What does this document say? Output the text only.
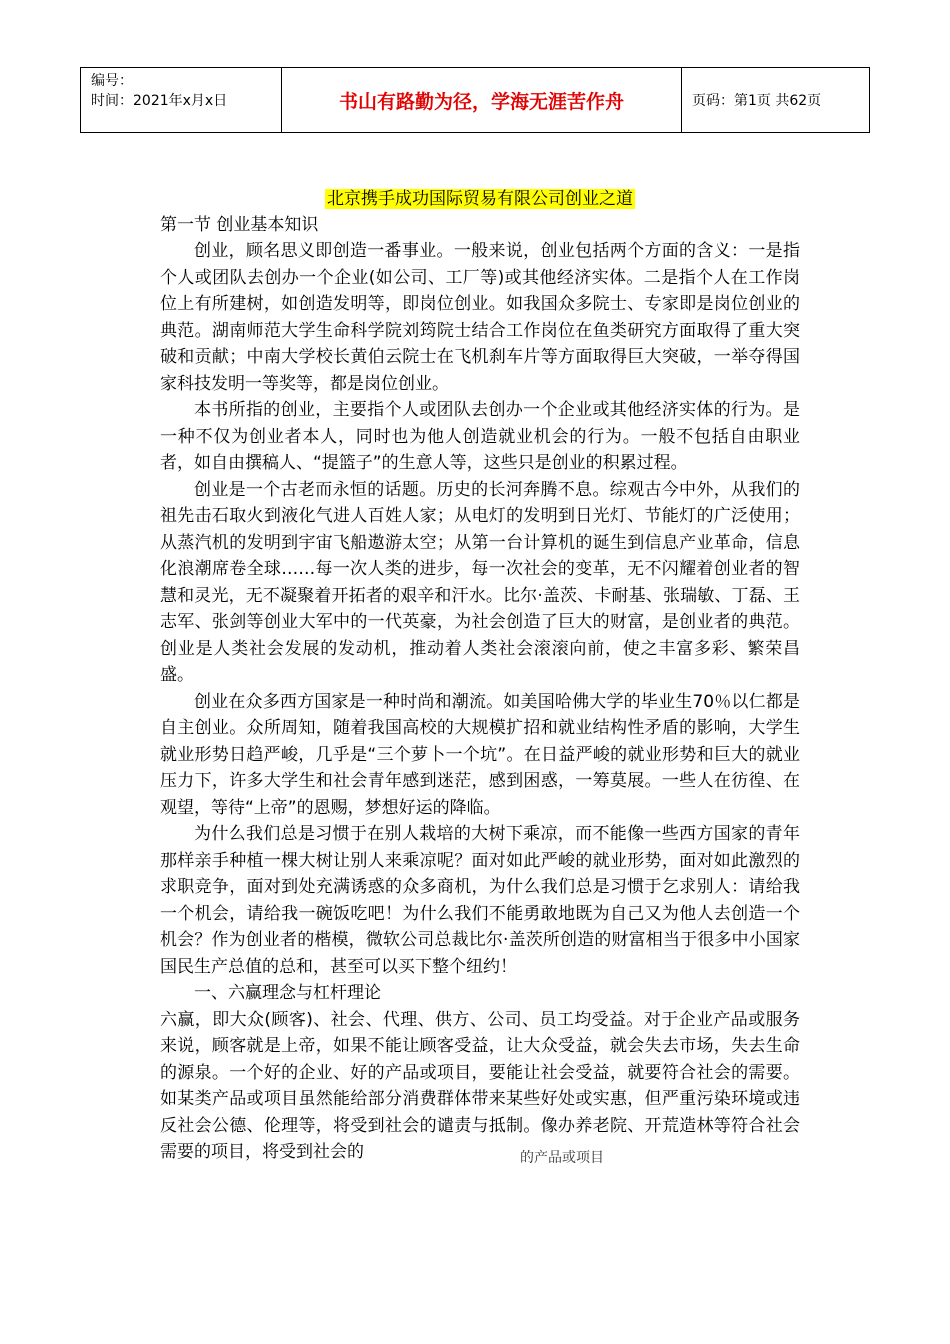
编号：
时间：2021年x月x日	书山有路勤为径，学海无涯苦作舟	页码：第1页 共62页
北京携手成功国际贸易有限公司创业之道
第一节 创业基本知识

创业，顾名思义即创造一番事业。一般来说，创业包括两个方面的含义：一是指个人或团队去创办一个企业(如公司、工厂等)或其他经济实体。二是指个人在工作岗位上有所建树，如创造发明等，即岗位创业。如我国众多院士、专家即是岗位创业的典范。湖南师范大学生命科学院刘筠院士结合工作岗位在鱼类研究方面取得了重大突破和贡献；中南大学校长黄伯云院士在飞机刹车片等方面取得巨大突破，一举夺得国家科技发明一等奖等，都是岗位创业。

本书所指的创业，主要指个人或团队去创办一个企业或其他经济实体的行为。是一种不仅为创业者本人，同时也为他人创造就业机会的行为。一般不包括自由职业者，如自由撰稿人、“提篮子”的生意人等，这些只是创业的积累过程。

创业是一个古老而永恒的话题。历史的长河奔腾不息。综观古今中外，从我们的祖先击石取火到液化气进人百姓人家；从电灯的发明到日光灯、节能灯的广泛使用；从蒸汽机的发明到宇宙飞船遨游太空；从第一台计算机的诞生到信息产业革命，信息化浪潮席卷全球……每一次人类的进步，每一次社会的变革，无不闪耀着创业者的智慧和灵光，无不凝聚着开拓者的艰辛和汗水。比尔·盖茨、卡耐基、张瑞敏、丁磊、王志军、张剑等创业大军中的一代英豪，为社会创造了巨大的财富，是创业者的典范。创业是人类社会发展的发动机，推动着人类社会滚滚向前，使之丰富多彩、繁荣昌盛。

创业在众多西方国家是一种时尚和潮流。如美国哈佛大学的毕业生70％以仁都是自主创业。众所周知，随着我国高校的大规模扩招和就业结构性矛盾的影响，大学生就业形势日趋严峻，几乎是“三个萝卜一个坑”。在日益严峻的就业形势和巨大的就业压力下，许多大学生和社会青年感到迷茫，感到困惑，一筹莫展。一些人在彷徨、在观望，等待“上帝”的恩赐，梦想好运的降临。

为什么我们总是习惯于在别人栽培的大树下乘凉，而不能像一些西方国家的青年那样亲手种植一棵大树让别人来乘凉呢？面对如此严峻的就业形势，面对如此激烈的求职竞争，面对到处充满诱惑的众多商机，为什么我们总是习惯于乞求别人：请给我一个机会，请给我一碗饭吃吧！为什么我们不能勇敢地既为自己又为他人去创造一个机会？作为创业者的楷模，微软公司总裁比尔·盖茨所创造的财富相当于很多中小国家国民生产总值的总和，甚至可以买下整个纽约！

一、六赢理念与杠杆理论

六赢，即大众(顾客)、社会、代理、供方、公司、员工均受益。对于企业产品或服务来说，顾客就是上帝，如果不能让顾客受益，让大众受益，就会失去市场，失去生命的源泉。一个好的企业、好的产品或项目，要能让社会受益，就要符合社会的需要。如某类产品或项目虽然能给部分消费群体带来某些好处或实惠，但严重污染环境或违反社会公德、伦理等，将受到社会的谴责与抵制。像办养老院、开荒造林等符合社会需要的项目，将受到社会的	的产品或项目
